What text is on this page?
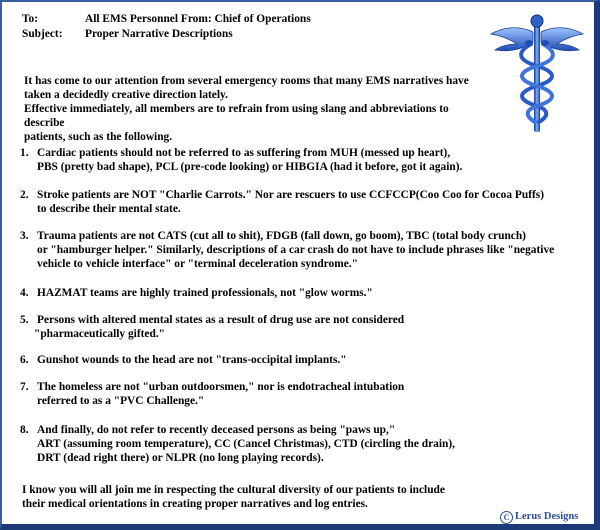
To:	All EMS Personnel From: Chief of Operations
Subject: Proper Narrative Descriptions
It has come to our attention from several emergency rooms that many EMS narratives have
taken a decidedly creative direction lately.
Effective immediately, all members are to refrain from using slang and abbreviations to describe
patients, such as the following.
1. Cardiac patients should not be referred to as suffering from MUH (messed up heart),
PBS (pretty bad shape), PCL (pre-code looking) or HIBGIA (had it before, got it again).
2. Stroke patients are NOT "Charlie Carrots." Nor are rescuers to use CCFCCP(Coo Coo for Cocoa Puffs)
to describe their mental state.
3. Trauma patients are not CATS (cut all to shit), FDGB (fall down, go boom), TBC (total body crunch)
or "hamburger helper." Similarly, descriptions of a car crash do not have to include phrases like "negative
vehicle to vehicle interface" or "terminal deceleration syndrome."
4. HAZMAT teams are highly trained professionals, not "glow worms."
5. Persons with altered mental states as a result of drug use are not considered
"pharmaceutically gifted."
6. Gunshot wounds to the head are not "trans-occipital implants."
7. The homeless are not "urban outdoorsmen," nor is endotracheal intubation
referred to as a "PVC Challenge."
8. And finally, do not refer to recently deceased persons as being "paws up,"
ART (assuming room temperature), CC (Cancel Christmas), CTD (circling the drain),
DRT (dead right there) or NLPR (no long playing records).
I know you will all join me in respecting the cultural diversity of our patients to include
their medical orientations in creating proper narratives and log entries.
C Lerus Designs
